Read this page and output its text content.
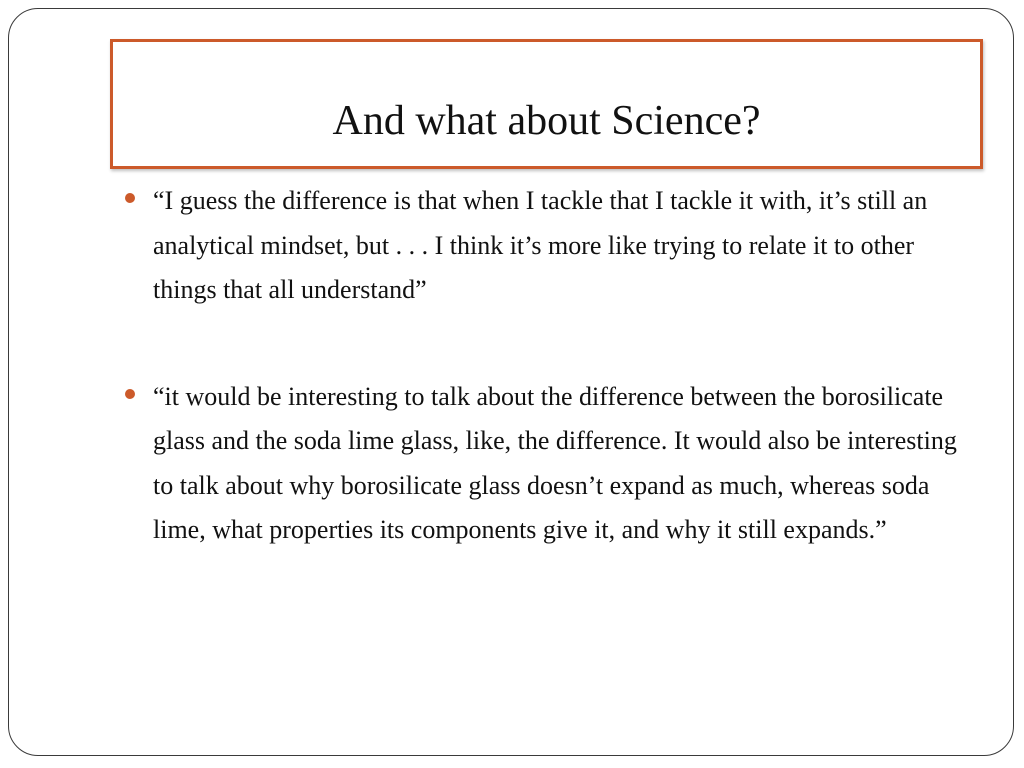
And what about Science?
“I guess the difference is that when I tackle that I tackle it with, it’s still an analytical mindset, but . . . I think it’s more like trying to relate it to other things that all understand”
“it would be interesting to talk about the difference between the borosilicate glass and the soda lime glass, like, the difference. It would also be interesting to talk about why borosilicate glass doesn’t expand as much, whereas soda lime, what properties its components give it, and why it still expands.”
